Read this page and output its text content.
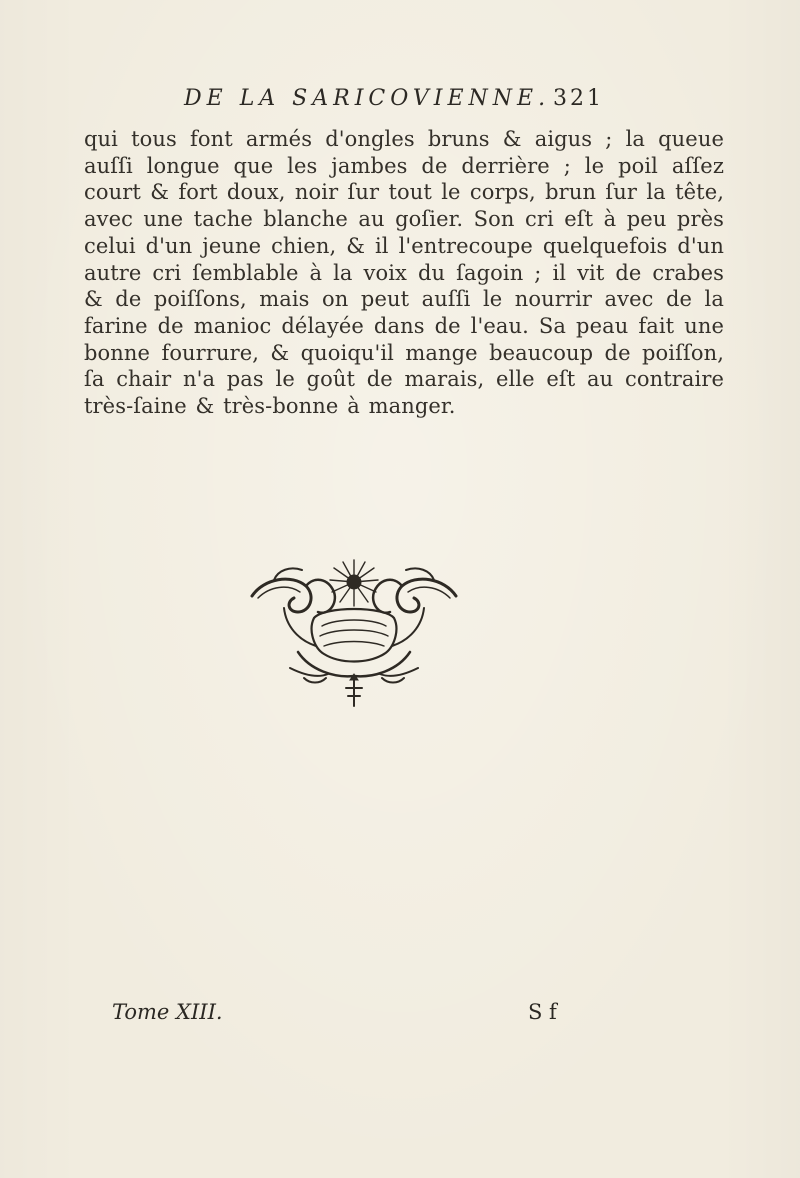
DE LA SARICOVIENNE. 321

qui tous font armés d'ongles bruns & aigus ; la queue auſſi longue que les jambes de derrière ; le poil aſſez court & fort doux, noir ſur tout le corps, brun ſur la tête, avec une tache blanche au goſier. Son cri eſt à peu près celui d'un jeune chien, & il l'entrecoupe quelquefois d'un autre cri ſemblable à la voix du ſagoin ; il vit de crabes & de poiſſons, mais on peut auſſi le nourrir avec de la farine de manioc délayée dans de l'eau. Sa peau fait une bonne fourrure, & quoiqu'il mange beaucoup de poiſſon, ſa chair n'a pas le goût de marais, elle eſt au contraire très-ſaine & très-bonne à manger.

Tome XIII.	S f
